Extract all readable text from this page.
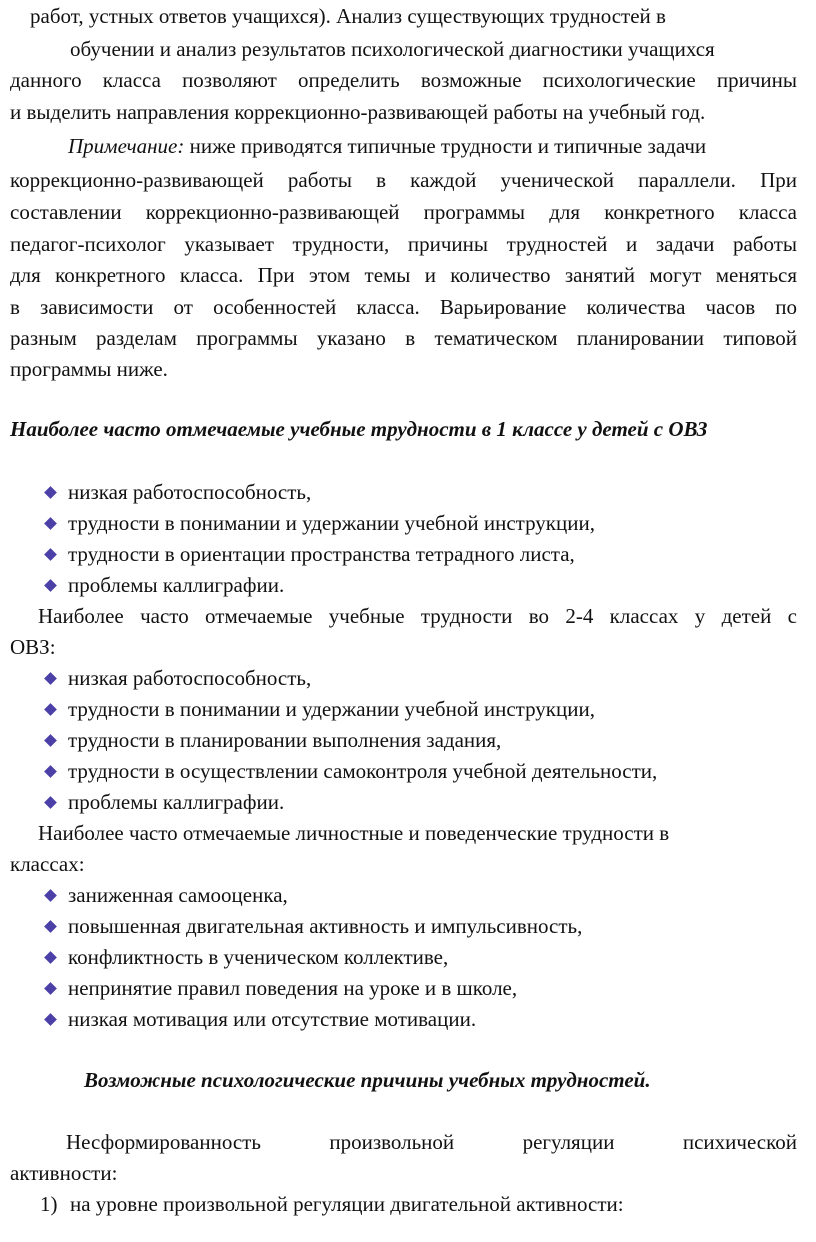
работ, устных ответов учащихся). Анализ существующих трудностей в
обучении и анализ результатов психологической диагностики учащихся
данного класса позволяют определить возможные психологические причины
и выделить направления коррекционно-развивающей работы на учебный год.
Примечание: ниже приводятся типичные трудности и типичные задачи
коррекционно-развивающей работы в каждой ученической параллели. При
составлении коррекционно-развивающей программы для конкретного класса
педагог-психолог указывает трудности, причины трудностей и задачи работы
для конкретного класса. При этом темы и количество занятий могут меняться
в зависимости от особенностей класса. Варьирование количества часов по
разным разделам программы указано в тематическом планировании типовой
программы ниже.
Наиболее часто отмечаемые учебные трудности в 1 классе у детей с ОВЗ
низкая работоспособность,
трудности в понимании и удержании учебной инструкции,
трудности в ориентации пространства тетрадного листа,
проблемы каллиграфии.
Наиболее часто отмечаемые учебные трудности во 2-4 классах у детей с
ОВЗ:
низкая работоспособность,
трудности в понимании и удержании учебной инструкции,
трудности в планировании выполнения задания,
трудности в осуществлении самоконтроля учебной деятельности,
проблемы каллиграфии.
Наиболее часто отмечаемые личностные и поведенческие трудности в
классах:
заниженная самооценка,
повышенная двигательная активность и импульсивность,
конфликтность в ученическом коллективе,
непринятие правил поведения на уроке и в школе,
низкая мотивация или отсутствие мотивации.
Возможные психологические причины учебных трудностей.
Несформированность произвольной регуляции психической
активности:
1) на уровне произвольной регуляции двигательной активности:
